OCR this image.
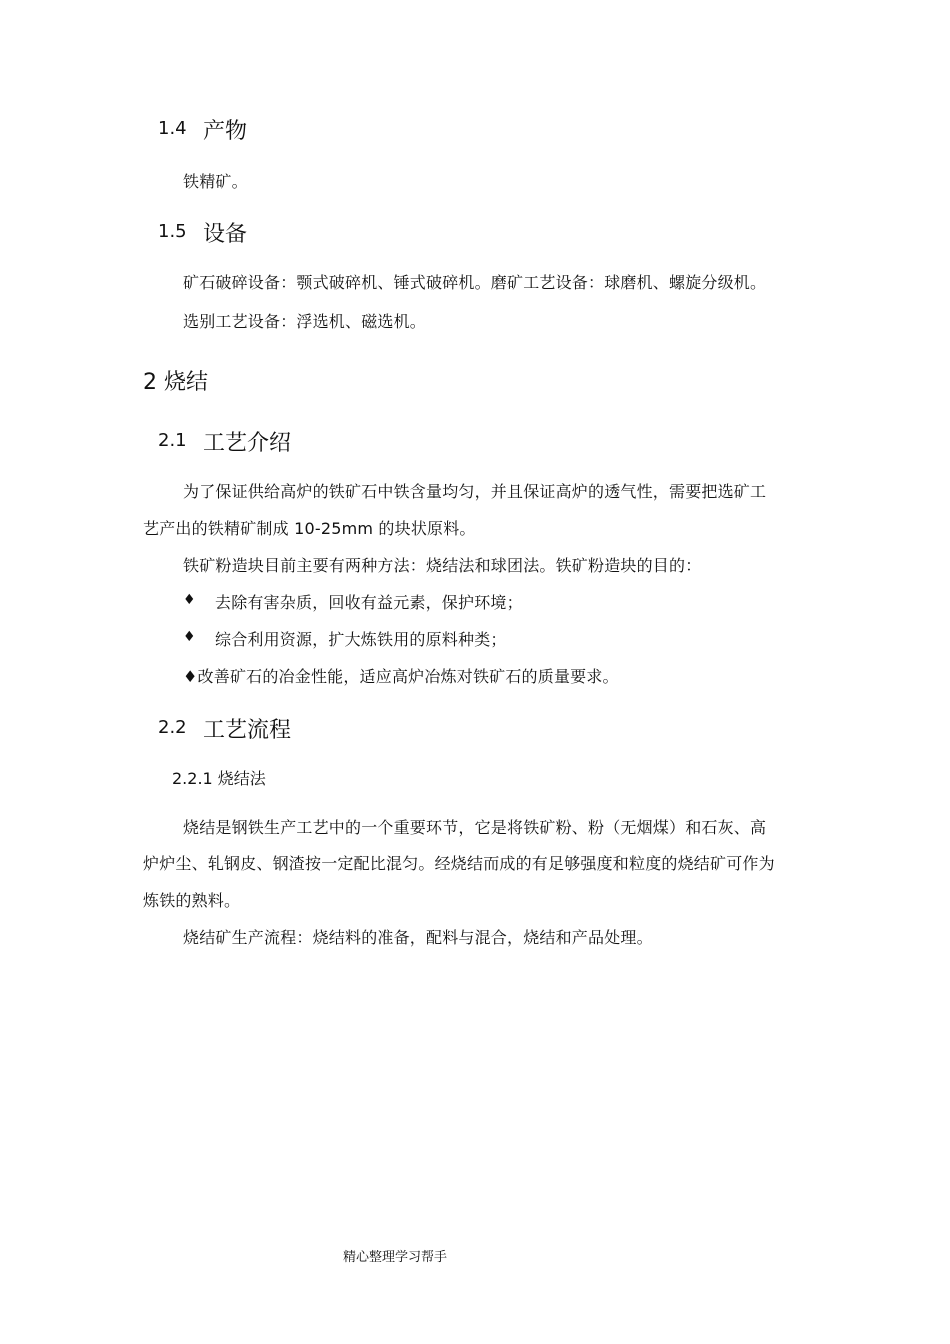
1.4 产物
铁精矿。
1.5 设备
矿石破碎设备：颚式破碎机、锤式破碎机。磨矿工艺设备：球磨机、螺旋分级机。
选别工艺设备：浮选机、磁选机。
2 烧结
2.1 工艺介绍
为了保证供给高炉的铁矿石中铁含量均匀，并且保证高炉的透气性，需要把选矿工
艺产出的铁精矿制成 10-25mm 的块状原料。
铁矿粉造块目前主要有两种方法：烧结法和球团法。铁矿粉造块的目的：
♦ 去除有害杂质，回收有益元素，保护环境；
♦ 综合利用资源，扩大炼铁用的原料种类；
♦改善矿石的冶金性能，适应高炉冶炼对铁矿石的质量要求。
2.2 工艺流程
2.2.1 烧结法
烧结是钢铁生产工艺中的一个重要环节，它是将铁矿粉、粉（无烟煤）和石灰、高
炉炉尘、轧钢皮、钢渣按一定配比混匀。经烧结而成的有足够强度和粒度的烧结矿可作为
炼铁的熟料。
烧结矿生产流程：烧结料的准备，配料与混合，烧结和产品处理。
精心整理学习帮手
